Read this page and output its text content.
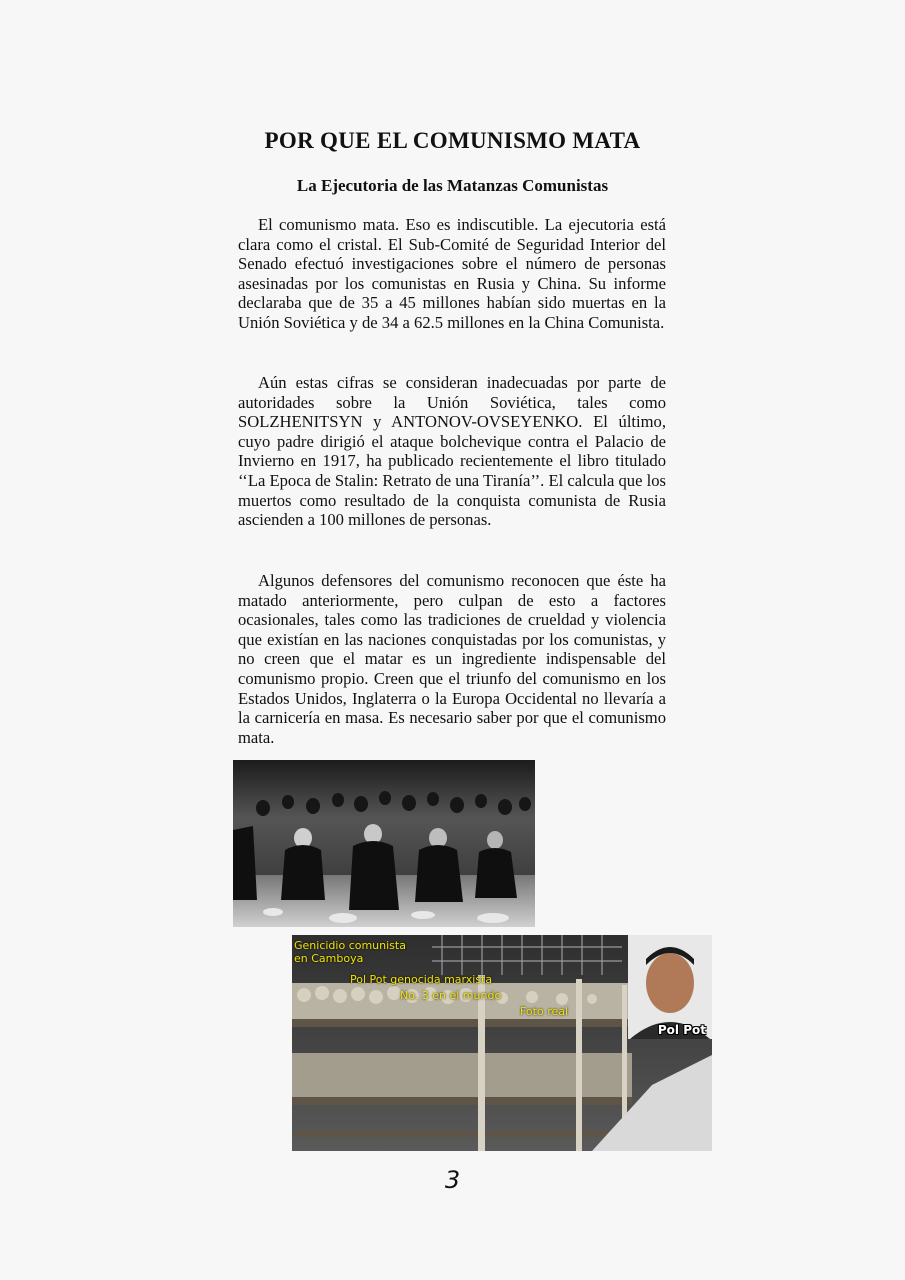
POR QUE EL COMUNISMO MATA
La Ejecutoria de las Matanzas Comunistas

El comunismo mata. Eso es indiscutible. La ejecutoria está clara como el cristal. El Sub-Comité de Seguridad Interior del Senado efectuó investigaciones sobre el número de personas asesinadas por los comunistas en Rusia y China. Su informe declaraba que de 35 a 45 millones habían sido muertas en la Unión Soviética y de 34 a 62.5 millones en la China Comunista.

Aún estas cifras se consideran inadecuadas por parte de autoridades sobre la Unión Soviética, tales como SOLZHENITSYN y ANTONOV-OVSEYENKO. El último, cuyo padre dirigió el ataque bolchevique contra el Palacio de Invierno en 1917, ha publicado recientemente el libro titulado ‘‘La Epoca de Stalin: Retrato de una Tiranía’’. El calcula que los muertos como resultado de la conquista comunista de Rusia ascienden a 100 millones de personas.

Algunos defensores del comunismo reconocen que éste ha matado anteriormente, pero culpan de esto a factores ocasionales, tales como las tradiciones de crueldad y violencia que existían en las naciones conquistadas por los comunistas, y no creen que el matar es un ingrediente indispensable del comunismo propio. Creen que el triunfo del comunismo en los Estados Unidos, Inglaterra o la Europa Occidental no llevaría a la carnicería en masa. Es necesario saber por que el comunismo mata.

Genicidio comunista
en Camboya
Pol Pot genocida marxista
No. 3 en el mundo
Foto real
Pol Pot
3
